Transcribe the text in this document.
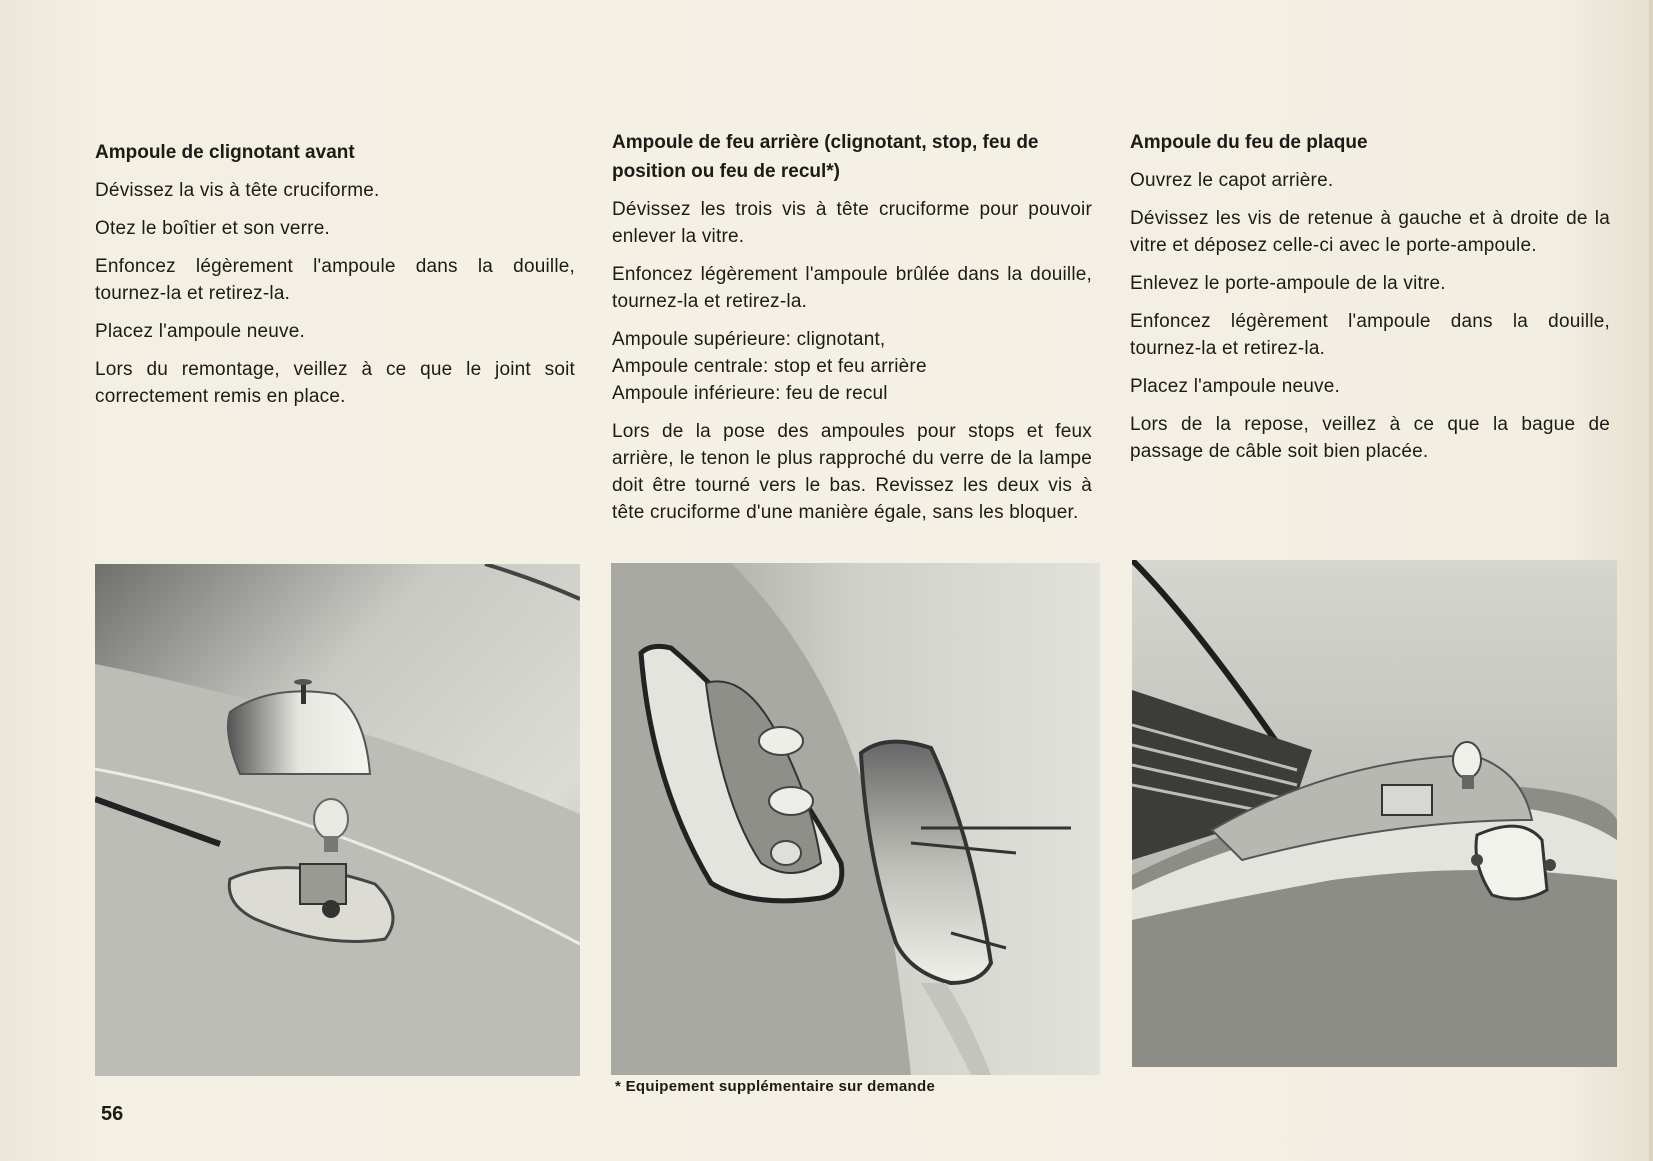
Ampoule de clignotant avant
Dévissez la vis à tête cruciforme.
Otez le boîtier et son verre.
Enfoncez légèrement l'ampoule dans la douille, tournez-la et retirez-la.
Placez l'ampoule neuve.
Lors du remontage, veillez à ce que le joint soit correctement remis en place.
Ampoule de feu arrière (clignotant, stop, feu de position ou feu de recul*)
Dévissez les trois vis à tête cruciforme pour pouvoir enlever la vitre.
Enfoncez légèrement l'ampoule brûlée dans la douille, tournez-la et retirez-la.
Ampoule supérieure: clignotant,
Ampoule centrale: stop et feu arrière
Ampoule inférieure: feu de recul
Lors de la pose des ampoules pour stops et feux arrière, le tenon le plus rapproché du verre de la lampe doit être tourné vers le bas. Revissez les deux vis à tête cruciforme d'une manière égale, sans les bloquer.
Ampoule du feu de plaque
Ouvrez le capot arrière.
Dévissez les vis de retenue à gauche et à droite de la vitre et déposez celle-ci avec le porte-ampoule.
Enlevez le porte-ampoule de la vitre.
Enfoncez légèrement l'ampoule dans la douille, tournez-la et retirez-la.
Placez l'ampoule neuve.
Lors de la repose, veillez à ce que la bague de passage de câble soit bien placée.
* Equipement supplémentaire sur demande
56
